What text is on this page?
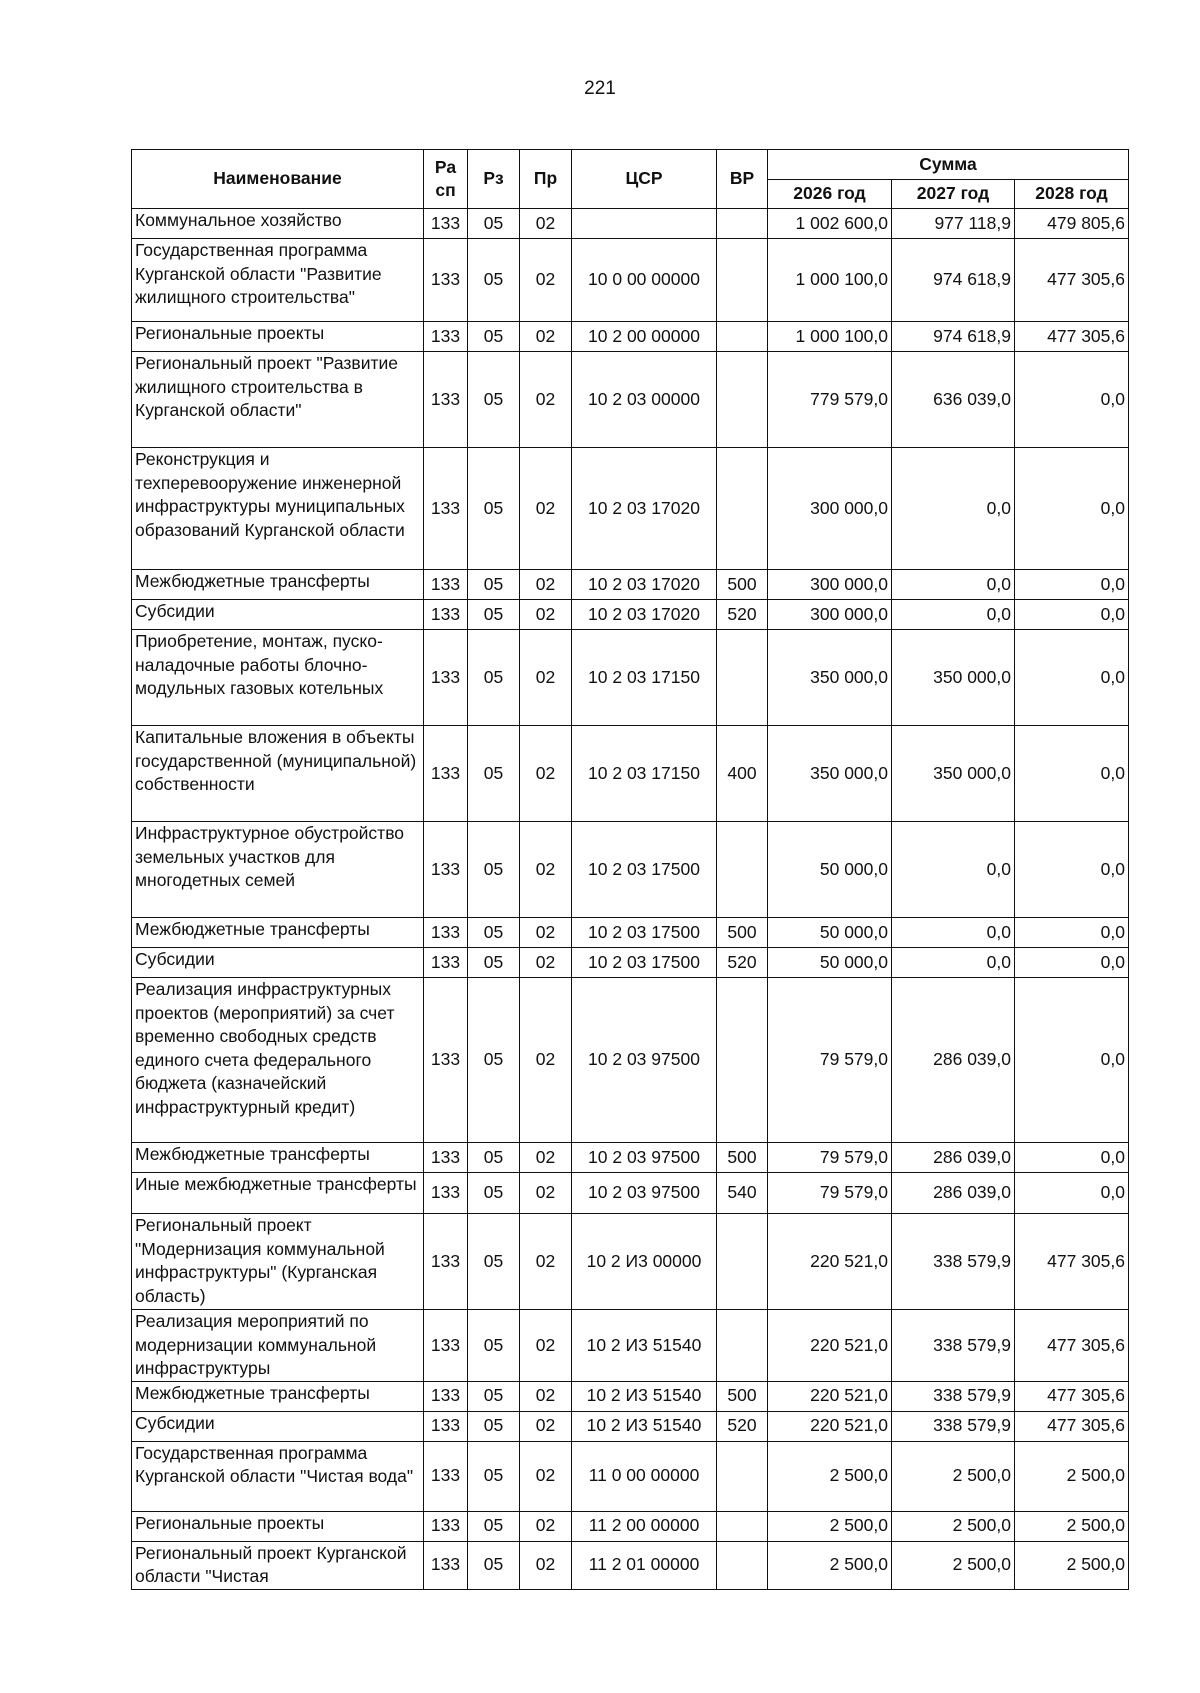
221
Наименование	Ра сп	Рз	Пр	ЦСР	ВР	Сумма		
						2026 год	2027 год	2028 год
Коммунальное хозяйство	133	05	02			1 002 600,0	977 118,9	479 805,6
Государственная программа Курганской области "Развитие жилищного строительства"	133	05	02	10 0 00 00000		1 000 100,0	974 618,9	477 305,6
Региональные проекты	133	05	02	10 2 00 00000		1 000 100,0	974 618,9	477 305,6
Региональный проект "Развитие жилищного строительства в Курганской области"	133	05	02	10 2 03 00000		779 579,0	636 039,0	0,0
Реконструкция и техперевооружение инженерной инфраструктуры муниципальных образований Курганской области	133	05	02	10 2 03 17020		300 000,0	0,0	0,0
Межбюджетные трансферты	133	05	02	10 2 03 17020	500	300 000,0	0,0	0,0
Субсидии	133	05	02	10 2 03 17020	520	300 000,0	0,0	0,0
Приобретение, монтаж, пуско-наладочные работы блочно-модульных газовых котельных	133	05	02	10 2 03 17150		350 000,0	350 000,0	0,0
Капитальные вложения в объекты государственной (муниципальной) собственности	133	05	02	10 2 03 17150	400	350 000,0	350 000,0	0,0
Инфраструктурное обустройство земельных участков для многодетных семей	133	05	02	10 2 03 17500		50 000,0	0,0	0,0
Межбюджетные трансферты	133	05	02	10 2 03 17500	500	50 000,0	0,0	0,0
Субсидии	133	05	02	10 2 03 17500	520	50 000,0	0,0	0,0
Реализация инфраструктурных проектов (мероприятий) за счет временно свободных средств единого счета федерального бюджета (казначейский инфраструктурный кредит)	133	05	02	10 2 03 97500		79 579,0	286 039,0	0,0
Межбюджетные трансферты	133	05	02	10 2 03 97500	500	79 579,0	286 039,0	0,0
Иные межбюджетные трансферты	133	05	02	10 2 03 97500	540	79 579,0	286 039,0	0,0
Региональный проект "Модернизация коммунальной инфраструктуры" (Курганская область)	133	05	02	10 2 И3 00000		220 521,0	338 579,9	477 305,6
Реализация мероприятий по модернизации коммунальной инфраструктуры	133	05	02	10 2 И3 51540		220 521,0	338 579,9	477 305,6
Межбюджетные трансферты	133	05	02	10 2 И3 51540	500	220 521,0	338 579,9	477 305,6
Субсидии	133	05	02	10 2 И3 51540	520	220 521,0	338 579,9	477 305,6
Государственная программа Курганской области "Чистая вода"	133	05	02	11 0 00 00000		2 500,0	2 500,0	2 500,0
Региональные проекты	133	05	02	11 2 00 00000		2 500,0	2 500,0	2 500,0
Региональный проект Курганской области "Чистая	133	05	02	11 2 01 00000		2 500,0	2 500,0	2 500,0
